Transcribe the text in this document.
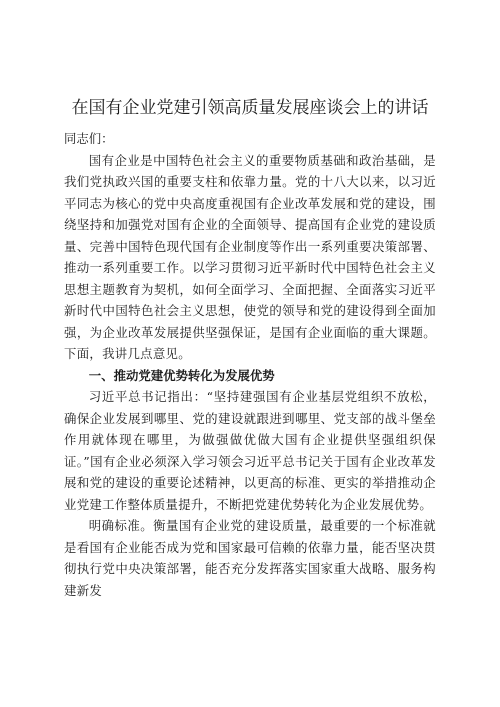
在国有企业党建引领高质量发展座谈会上的讲话

同志们：

国有企业是中国特色社会主义的重要物质基础和政治基础，是我们党执政兴国的重要支柱和依靠力量。党的十八大以来，以习近平同志为核心的党中央高度重视国有企业改革发展和党的建设，围绕坚持和加强党对国有企业的全面领导、提高国有企业党的建设质量、完善中国特色现代国有企业制度等作出一系列重要决策部署、推动一系列重要工作。以学习贯彻习近平新时代中国特色社会主义思想主题教育为契机，如何全面学习、全面把握、全面落实习近平新时代中国特色社会主义思想，使党的领导和党的建设得到全面加强，为企业改革发展提供坚强保证，是国有企业面临的重大课题。下面，我讲几点意见。

一、推动党建优势转化为发展优势

习近平总书记指出：“坚持建强国有企业基层党组织不放松，确保企业发展到哪里、党的建设就跟进到哪里、党支部的战斗堡垒作用就体现在哪里，为做强做优做大国有企业提供坚强组织保证。”国有企业必须深入学习领会习近平总书记关于国有企业改革发展和党的建设的重要论述精神，以更高的标准、更实的举措推动企业党建工作整体质量提升，不断把党建优势转化为企业发展优势。

明确标准。衡量国有企业党的建设质量，最重要的一个标准就是看国有企业能否成为党和国家最可信赖的依靠力量，能否坚决贯彻执行党中央决策部署，能否充分发挥落实国家重大战略、服务构建新发
